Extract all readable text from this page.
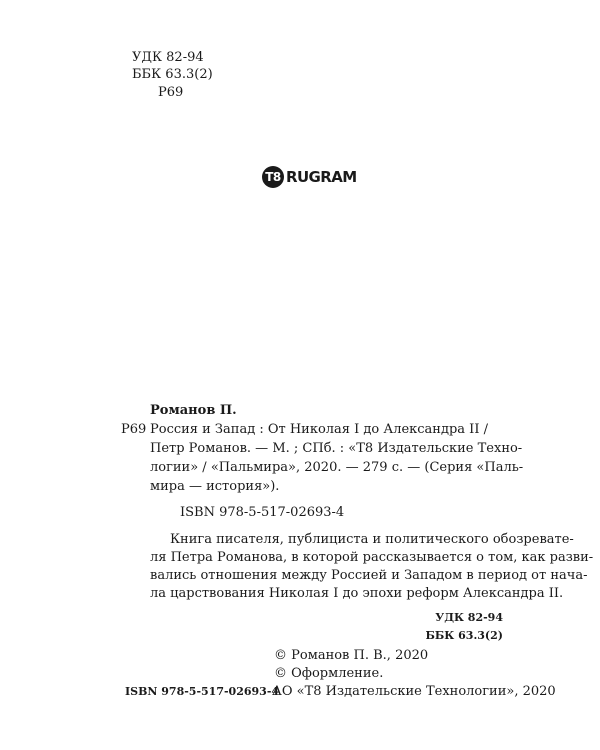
УДК 82-94
ББК 63.3(2)
Р69
T8 RUGRAM
Романов П.
Р69 Россия и Запад : От Николая I до Александра II /
Петр Романов. — М. ; СПб. : «Т8 Издательские Техно-
логии» / «Пальмира», 2020. — 279 с. — (Серия «Паль-
мира — история»).
ISBN 978-5-517-02693-4
Книга писателя, публициста и политического обозревате-
ля Петра Романова, в которой рассказывается о том, как разви-
вались отношения между Россией и Западом в период от нача-
ла царствования Николая I до эпохи реформ Александра II.
УДК 82-94
ББК 63.3(2)
© Романов П. В., 2020
© Оформление.
АО «Т8 Издательские Технологии», 2020
ISBN 978-5-517-02693-4
